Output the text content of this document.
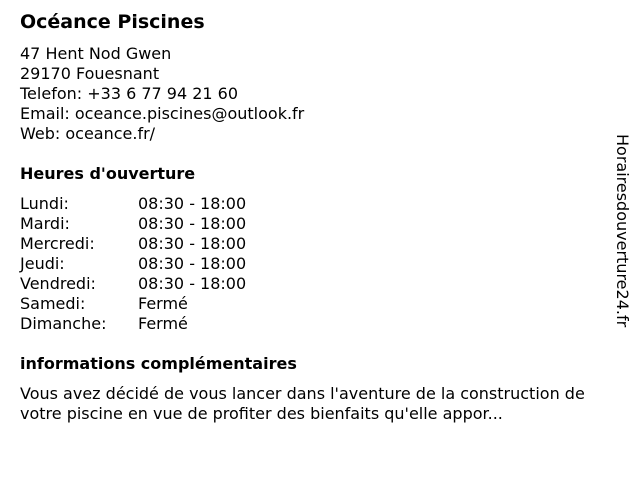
Océance Piscines
47 Hent Nod Gwen
29170 Fouesnant
Telefon: +33 6 77 94 21 60
Email: oceance.piscines@outlook.fr
Web: oceance.fr/
Heures d'ouverture
Lundi:	08:30 - 18:00
Mardi:	08:30 - 18:00
Mercredi:	08:30 - 18:00
Jeudi:	08:30 - 18:00
Vendredi:	08:30 - 18:00
Samedi:	Fermé
Dimanche: Fermé
informations complémentaires
Vous avez décidé de vous lancer dans l'aventure de la construction de votre piscine en vue de profiter des bienfaits qu'elle appor...
Horairesdouverture24.fr
